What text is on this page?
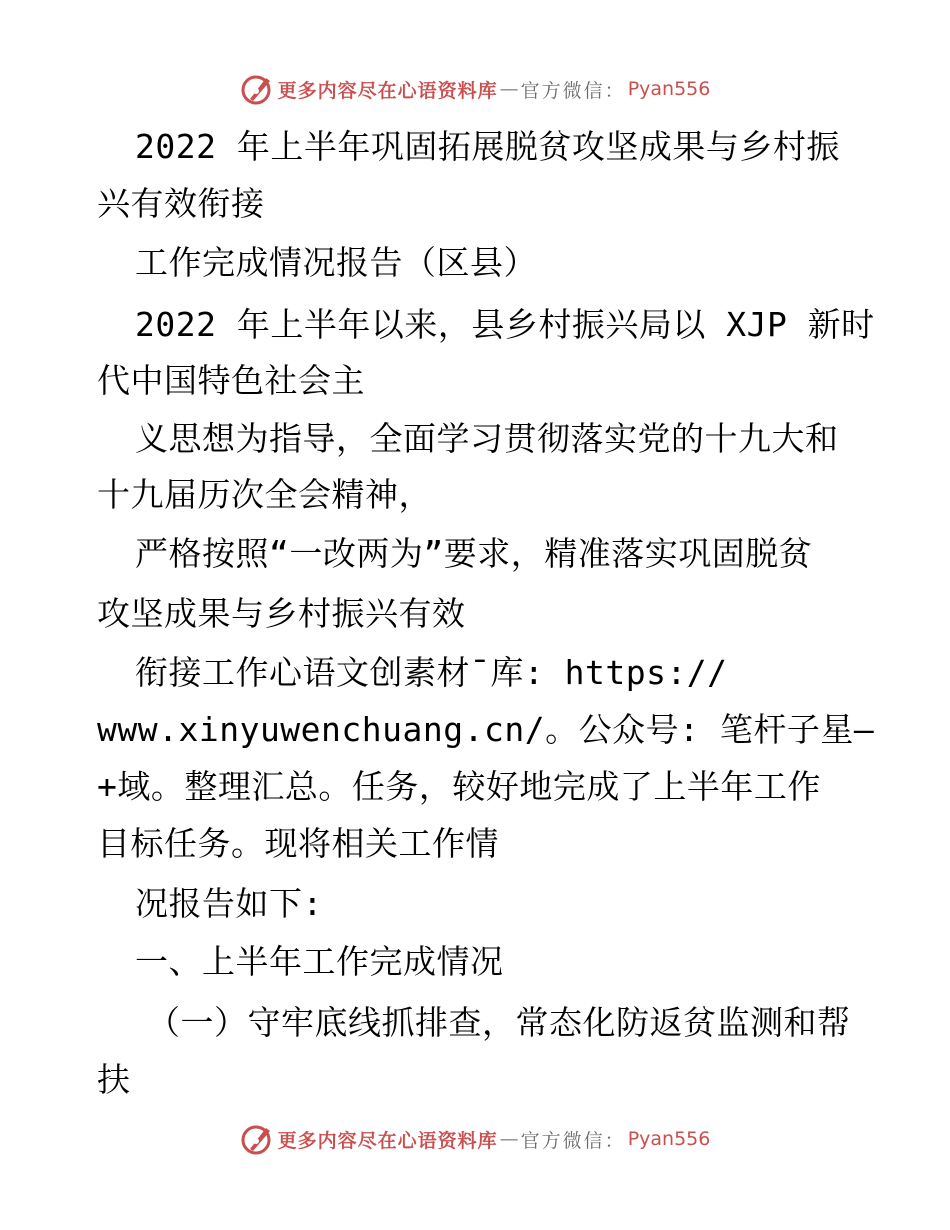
更多内容尽在心语资料库 — 官方微信： Pyan556
2022 年上半年巩固拓展脱贫攻坚成果与乡村振
兴有效衔接
工作完成情况报告（区县）
2022 年上半年以来，县乡村振兴局以 XJP 新时
代中国特色社会主
义思想为指导，全面学习贯彻落实党的十九大和
十九届历次全会精神，
严格按照“一改两为”要求，精准落实巩固脱贫
攻坚成果与乡村振兴有效
衔接工作心语文创素材¯库: https://
www.xinyuwenchuang.cn/。公众号: 笔杆子星—
+域。整理汇总。任务，较好地完成了上半年工作
目标任务。现将相关工作情
况报告如下:
一、上半年工作完成情况
（一）守牢底线抓排查，常态化防返贫监测和帮
扶
更多内容尽在心语资料库 — 官方微信： Pyan556
